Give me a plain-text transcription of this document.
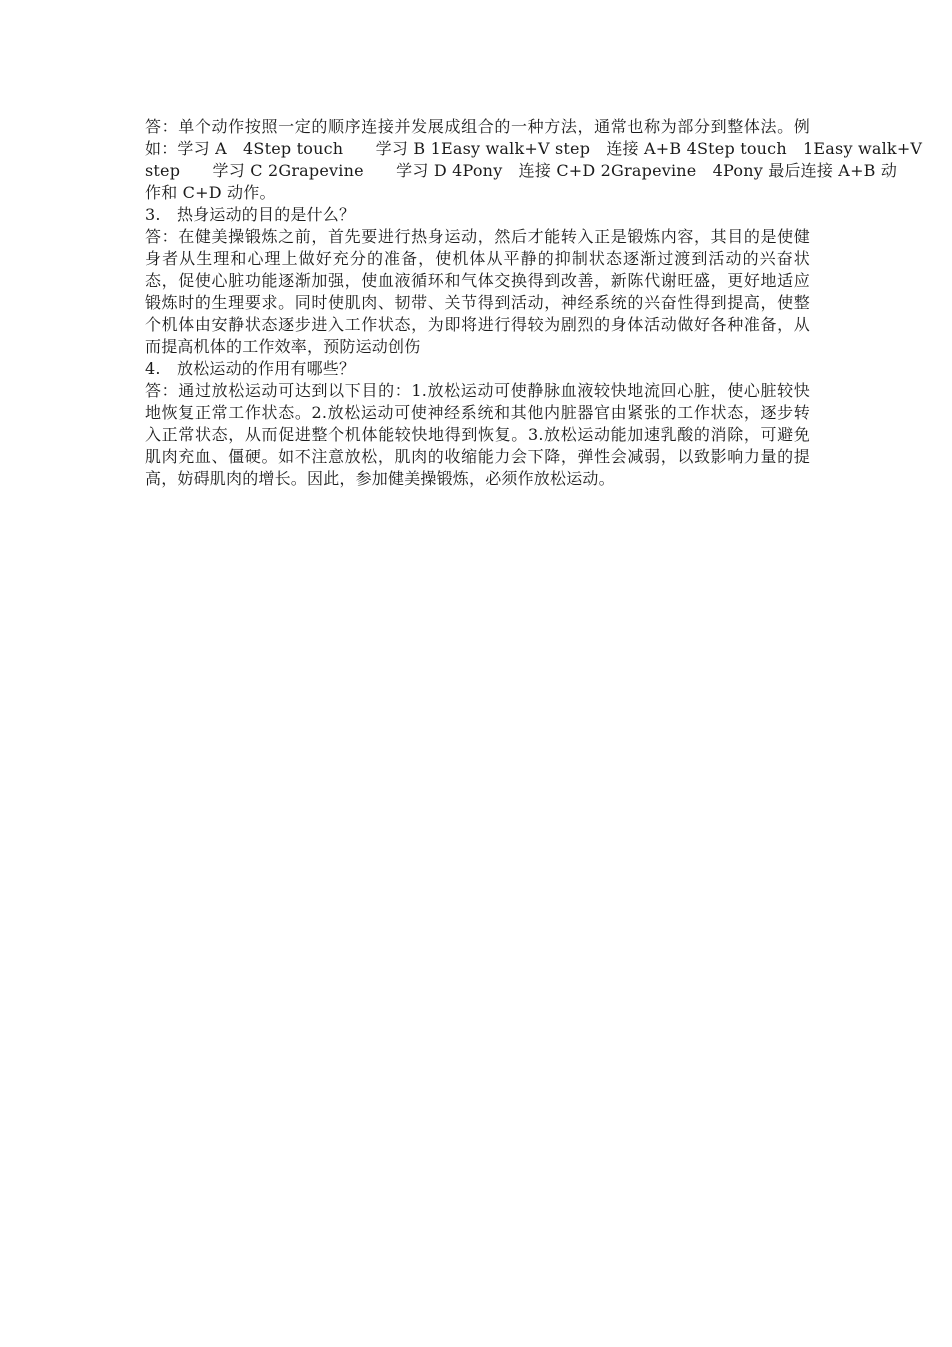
答：单个动作按照一定的顺序连接并发展成组合的一种方法，通常也称为部分到整体法。例
如：学习 A　4Step touch　　学习 B 1Easy walk+V step　连接 A+B 4Step touch　1Easy walk+V
step　　学习 C 2Grapevine　　学习 D 4Pony　连接 C+D 2Grapevine　4Pony 最后连接 A+B 动
作和 C+D 动作。
3. 热身运动的目的是什么？
答：在健美操锻炼之前，首先要进行热身运动，然后才能转入正是锻炼内容，其目的是使健
身者从生理和心理上做好充分的准备，使机体从平静的抑制状态逐渐过渡到活动的兴奋状
态，促使心脏功能逐渐加强，使血液循环和气体交换得到改善，新陈代谢旺盛，更好地适应
锻炼时的生理要求。同时使肌肉、韧带、关节得到活动，神经系统的兴奋性得到提高，使整
个机体由安静状态逐步进入工作状态，为即将进行得较为剧烈的身体活动做好各种准备，从
而提高机体的工作效率，预防运动创伤
4. 放松运动的作用有哪些？
答：通过放松运动可达到以下目的：1.放松运动可使静脉血液较快地流回心脏，使心脏较快
地恢复正常工作状态。2.放松运动可使神经系统和其他内脏器官由紧张的工作状态，逐步转
入正常状态，从而促进整个机体能较快地得到恢复。3.放松运动能加速乳酸的消除，可避免
肌肉充血、僵硬。如不注意放松，肌肉的收缩能力会下降，弹性会减弱，以致影响力量的提
高，妨碍肌肉的增长。因此，参加健美操锻炼，必须作放松运动。
